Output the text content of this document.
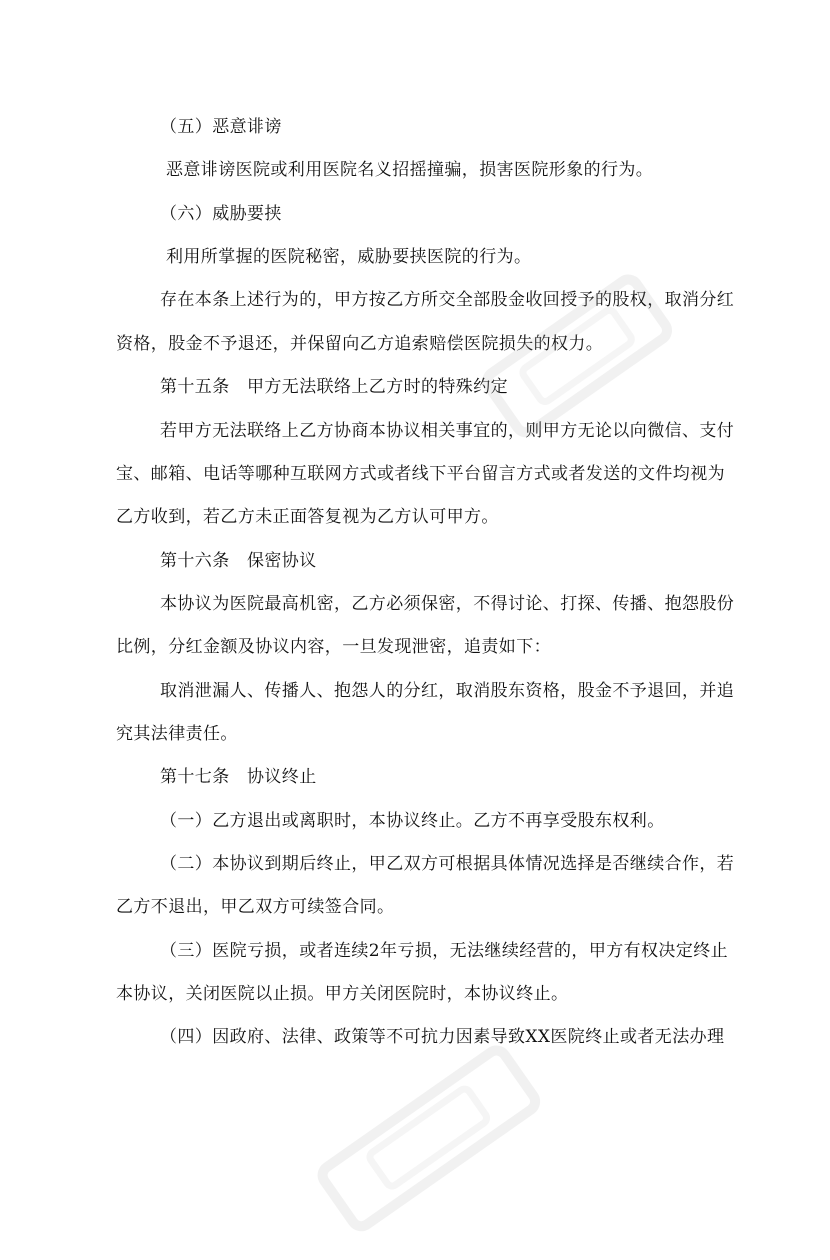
（五）恶意诽谤
恶意诽谤医院或利用医院名义招摇撞骗，损害医院形象的行为。
（六）威胁要挟
利用所掌握的医院秘密，威胁要挟医院的行为。
存在本条上述行为的，甲方按乙方所交全部股金收回授予的股权，取消分红
资格，股金不予退还，并保留向乙方追索赔偿医院损失的权力。
第十五条　甲方无法联络上乙方时的特殊约定
若甲方无法联络上乙方协商本协议相关事宜的，则甲方无论以向微信、支付
宝、邮箱、电话等哪种互联网方式或者线下平台留言方式或者发送的文件均视为
乙方收到，若乙方未正面答复视为乙方认可甲方。
第十六条　保密协议
本协议为医院最高机密，乙方必须保密，不得讨论、打探、传播、抱怨股份
比例，分红金额及协议内容，一旦发现泄密，追责如下：
取消泄漏人、传播人、抱怨人的分红，取消股东资格，股金不予退回，并追
究其法律责任。
第十七条　协议终止
（一）乙方退出或离职时，本协议终止。乙方不再享受股东权利。
（二）本协议到期后终止，甲乙双方可根据具体情况选择是否继续合作，若
乙方不退出，甲乙双方可续签合同。
（三）医院亏损，或者连续2年亏损，无法继续经营的，甲方有权决定终止
本协议，关闭医院以止损。甲方关闭医院时，本协议终止。
（四）因政府、法律、政策等不可抗力因素导致XX医院终止或者无法办理
